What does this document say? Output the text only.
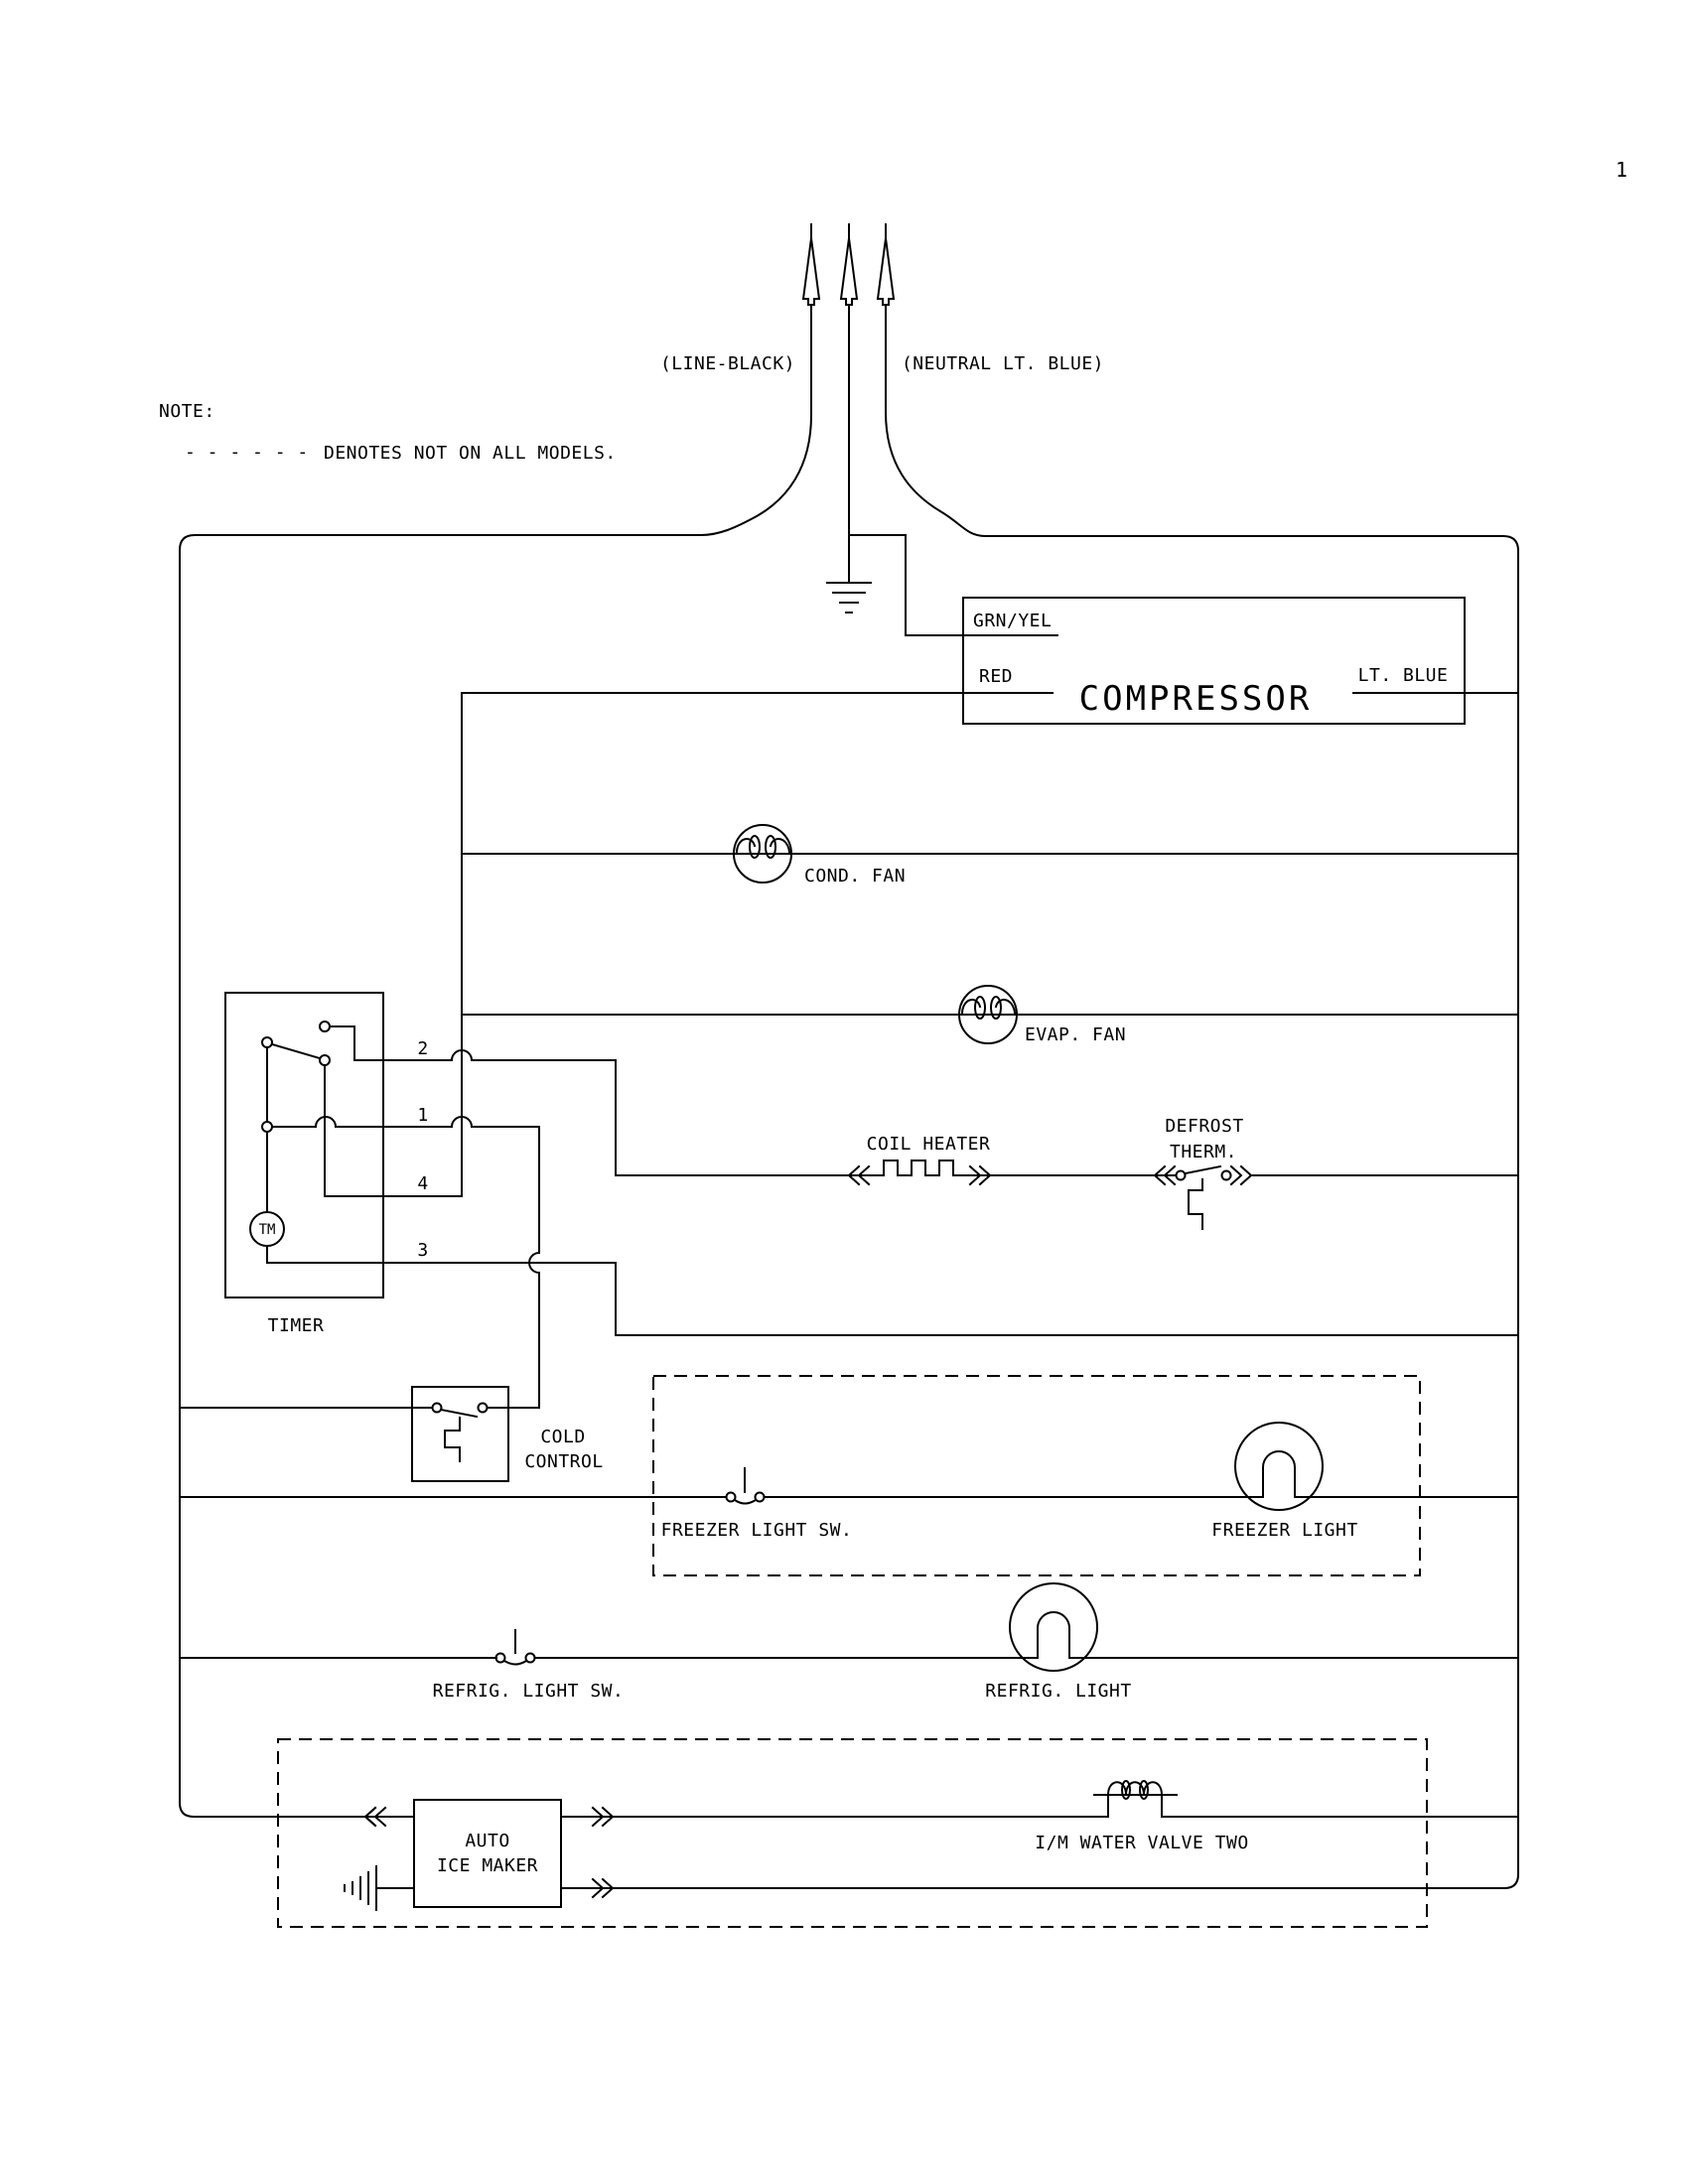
1
NOTE:
- - - - - - DENOTES NOT ON ALL MODELS.
(LINE-BLACK)	(NEUTRAL LT. BLUE)
GRN/YEL
RED
COMPRESSOR
LT. BLUE
COND. FAN
EVAP. FAN
COIL HEATER
DEFROST
THERM.
2
1
4
3
TM
TIMER
COLD
CONTROL
FREEZER LIGHT SW.	FREEZER LIGHT
REFRIG. LIGHT SW.	REFRIG. LIGHT
AUTO
ICE MAKER
I/M WATER VALVE TWO
